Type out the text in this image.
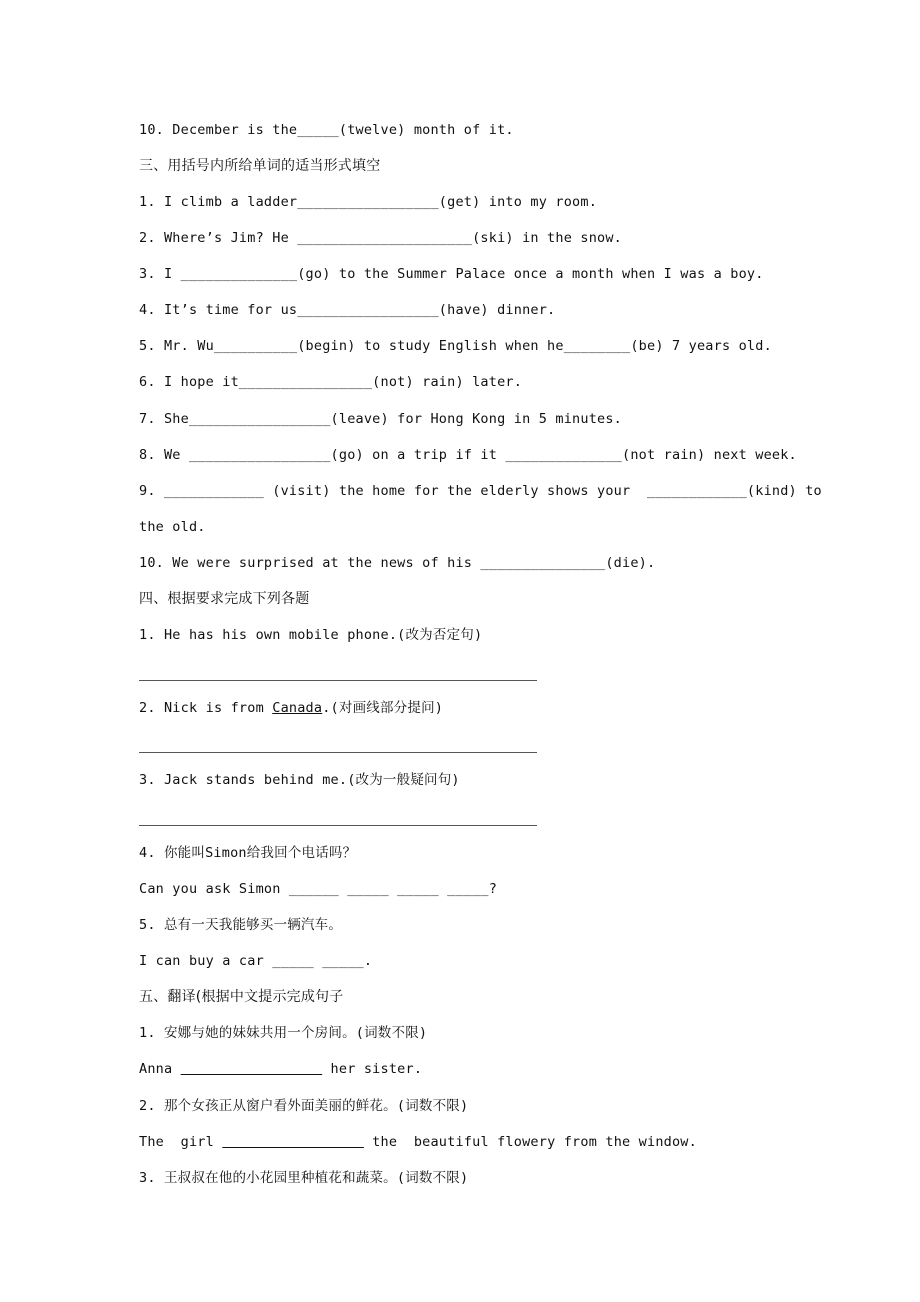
10. December is the_____(twelve) month of it.
三、用括号内所给单词的适当形式填空
1. I climb a ladder_________________(get) into my room.
2. Where’s Jim? He _____________________(ski) in the snow.
3. I ______________(go) to the Summer Palace once a month when I was a boy.
4. It’s time for us_________________(have) dinner.
5. Mr. Wu__________(begin) to study English when he________(be) 7 years old.
6. I hope it________________(not) rain) later.
7. She_________________(leave) for Hong Kong in 5 minutes.
8. We _________________(go) on a trip if it ______________(not rain) next week.
9. ____________ (visit) the home for the elderly shows your  ____________(kind) to
the old.
10. We were surprised at the news of his _______________(die).
四、根据要求完成下列各题
1. He has his own mobile phone.(改为否定句)
2. Nick is from Canada.(对画线部分提问)
3. Jack stands behind me.(改为一般疑问句)
4. 你能叫Simon给我回个电话吗？
Can you ask Simon ______ _____ _____ _____?
5. 总有一天我能够买一辆汽车。
I can buy a car _____ _____.
五、翻译(根据中文提示完成句子
1. 安娜与她的妹妹共用一个房间。(词数不限)
Anna	her sister.
2. 那个女孩正从窗户看外面美丽的鲜花。(词数不限)
The  girl	the  beautiful flowery from the window.
3. 王叔叔在他的小花园里种植花和蔬菜。(词数不限)
